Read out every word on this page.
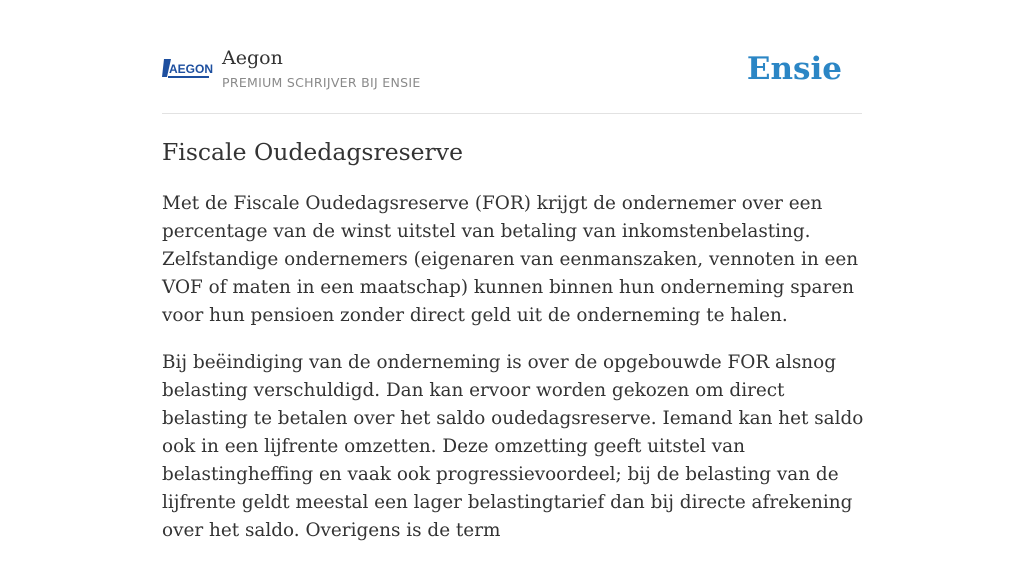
AEGON Aegon
PREMIUM SCHRIJVER BIJ ENSIE	Ensie
Fiscale Oudedagsreserve

Met de Fiscale Oudedagsreserve (FOR) krijgt de ondernemer over een percentage van de winst uitstel van betaling van inkomstenbelasting. Zelfstandige ondernemers (eigenaren van eenmanszaken, vennoten in een VOF of maten in een maatschap) kunnen binnen hun onderneming sparen voor hun pensioen zonder direct geld uit de onderneming te halen.

Bij beëindiging van de onderneming is over de opgebouwde FOR alsnog belasting verschuldigd. Dan kan ervoor worden gekozen om direct belasting te betalen over het saldo oudedagsreserve. Iemand kan het saldo ook in een lijfrente omzetten. Deze omzetting geeft uitstel van belastingheffing en vaak ook progressievoordeel; bij de belasting van de lijfrente geldt meestal een lager belastingtarief dan bij directe afrekening over het saldo. Overigens is de term
